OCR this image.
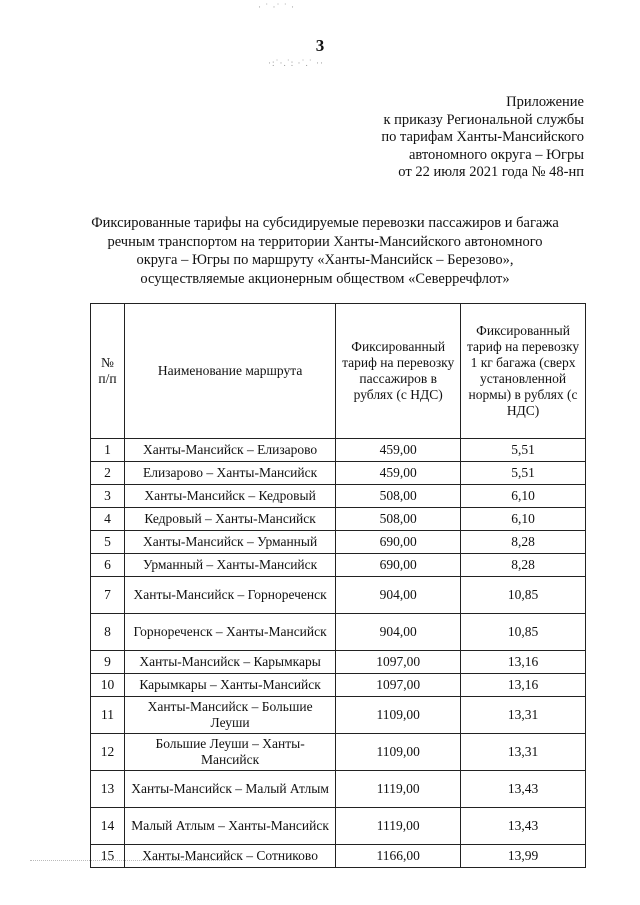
· ˙ ·˙ ˙ ·
·:˙·.˙: ·˙.˙ ··
3
Приложение
к приказу Региональной службы
по тарифам Ханты-Мансийского
автономного округа – Югры
от 22 июля 2021 года № 48-нп
Фиксированные тарифы на субсидируемые перевозки пассажиров и багажа
речным транспортом на территории Ханты-Мансийского автономного
округа – Югры по маршруту «Ханты-Мансийск – Березово»,
осуществляемые акционерным обществом «Северречфлот»
№ п/п	Наименование маршрута	Фиксированный тариф на перевозку пассажиров в рублях (с НДС)	Фиксированный тариф на перевозку 1 кг багажа (сверх установленной нормы) в рублях (с НДС)
1	Ханты-Мансийск – Елизарово	459,00	5,51
2	Елизарово – Ханты-Мансийск	459,00	5,51
3	Ханты-Мансийск – Кедровый	508,00	6,10
4	Кедровый – Ханты-Мансийск	508,00	6,10
5	Ханты-Мансийск – Урманный	690,00	8,28
6	Урманный – Ханты-Мансийск	690,00	8,28
7	Ханты-Мансийск – Горнореченск	904,00	10,85
8	Горнореченск – Ханты-Мансийск	904,00	10,85
9	Ханты-Мансийск – Карымкары	1097,00	13,16
10	Карымкары – Ханты-Мансийск	1097,00	13,16
11	Ханты-Мансийск – Большие Леуши	1109,00	13,31
12	Большие Леуши – Ханты-Мансийск	1109,00	13,31
13	Ханты-Мансийск – Малый Атлым	1119,00	13,43
14	Малый Атлым – Ханты-Мансийск	1119,00	13,43
15	Ханты-Мансийск – Сотниково	1166,00	13,99
